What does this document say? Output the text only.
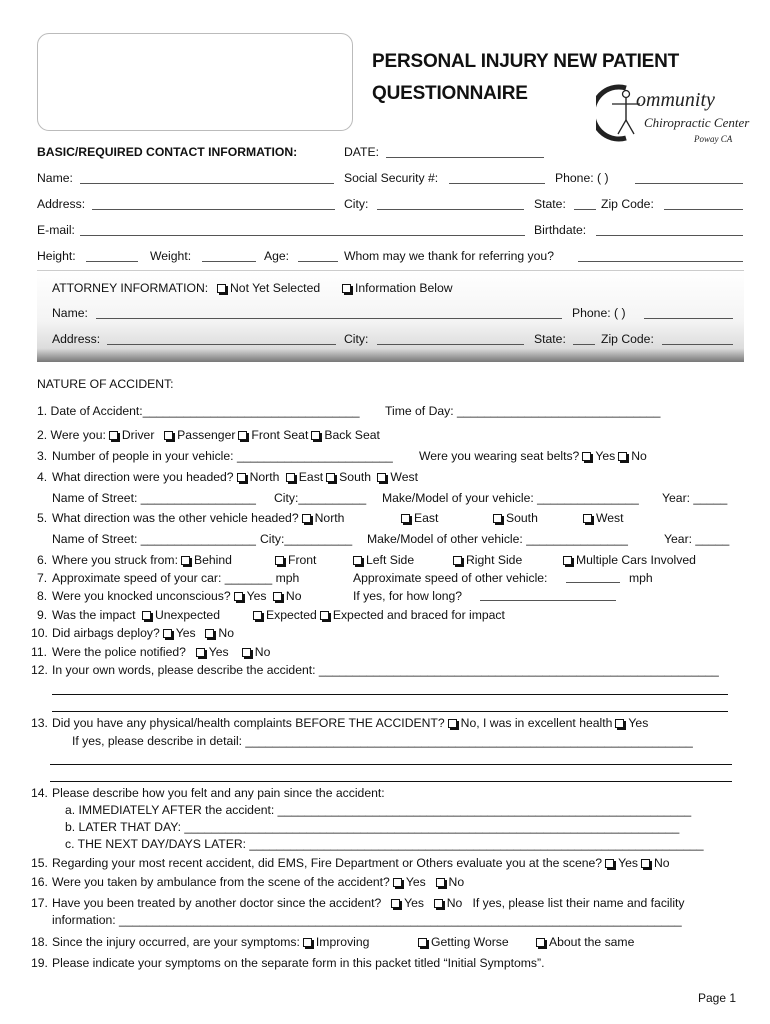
PERSONAL INJURY NEW PATIENT
QUESTIONNAIRE	ommunity
Chiropractic Center
Poway CA
BASIC/REQUIRED CONTACT INFORMATION:	DATE:
Name:	Social Security #:	Phone: ( )
Address:	City:	State:	Zip Code:
E-mail:	Birthdate:
Height:	Weight:	Age:	Whom may we thank for referring you?
ATTORNEY INFORMATION:	Not Yet Selected	Information Below
Name:	Phone: ( )
Address:	City:	State:	Zip Code:
NATURE OF ACCIDENT:
1. Date of Accident:________________________________ Time of Day: ______________________________
2. Were you: Driver Passenger Front Seat Back Seat
3. Number of people in your vehicle: _______________________ Were you wearing seat belts? Yes No
4. What direction were you headed? North East South West
Name of Street: _________________ City:__________ Make/Model of your vehicle: _______________ Year: _____
5. What direction was the other vehicle headed? North	East	South	West
Name of Street: _________________ City:__________ Make/Model of other vehicle: _______________	Year: _____
6. Where you struck from: Behind	Front	Left Side	Right Side	Multiple Cars Involved
7. Approximate speed of your car: _______ mph	Approximate speed of other vehicle:	mph
8. Were you knocked unconscious? Yes No	If yes, for how long?
9. Was the impact Unexpected	Expected Expected and braced for impact
10. Did airbags deploy? Yes No
11. Were the police notified? Yes No
12. In your own words, please describe the accident: ___________________________________________________________
13. Did you have any physical/health complaints BEFORE THE ACCIDENT? No, I was in excellent health Yes
If yes, please describe in detail: __________________________________________________________________
14. Please describe how you felt and any pain since the accident:
a. IMMEDIATELY AFTER the accident: _____________________________________________________________
b. LATER THAT DAY: _________________________________________________________________________
c. THE NEXT DAY/DAYS LATER: ___________________________________________________________________
15. Regarding your most recent accident, did EMS, Fire Department or Others evaluate you at the scene? Yes No
16. Were you taken by ambulance from the scene of the accident? Yes No
17. Have you been treated by another doctor since the accident? Yes No If yes, please list their name and facility
information: ___________________________________________________________________________________
18. Since the injury occurred, are your symptoms: Improving	Getting Worse	About the same
19. Please indicate your symptoms on the separate form in this packet titled “Initial Symptoms”.
Page 1
